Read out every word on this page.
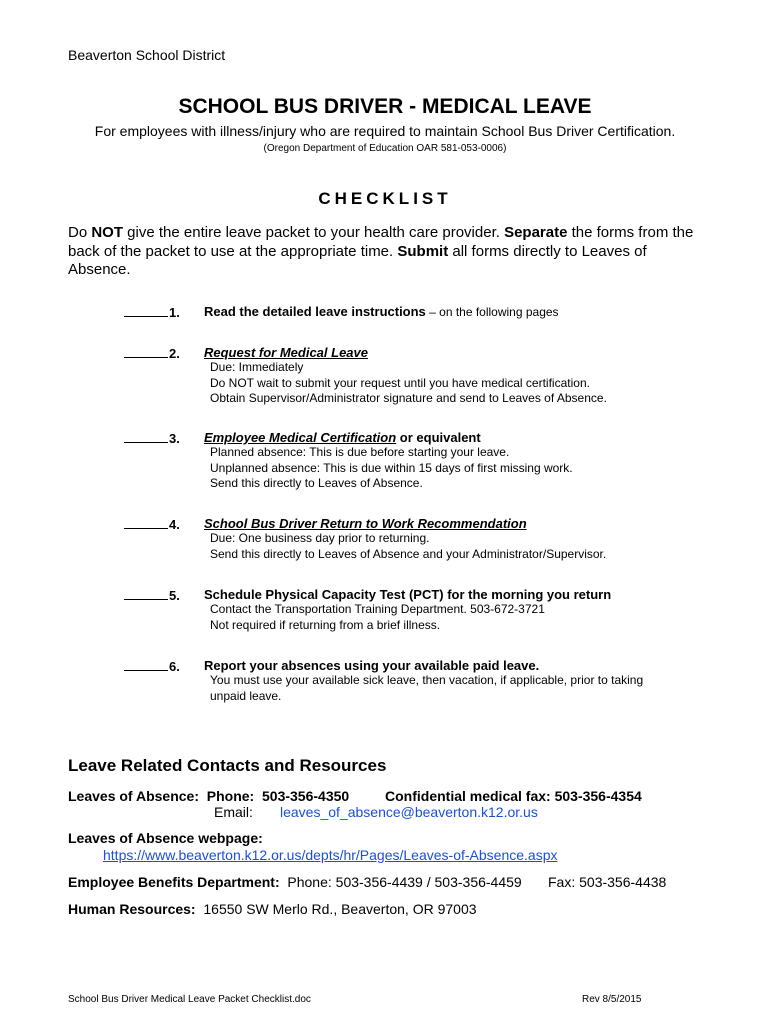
Beaverton School District
SCHOOL BUS DRIVER - MEDICAL LEAVE
For employees with illness/injury who are required to maintain School Bus Driver Certification.
(Oregon Department of Education OAR 581-053-0006)
CHECKLIST
Do NOT give the entire leave packet to your health care provider. Separate the forms from the back of the packet to use at the appropriate time. Submit all forms directly to Leaves of Absence.
1. Read the detailed leave instructions – on the following pages
2. Request for Medical Leave
Due: Immediately
Do NOT wait to submit your request until you have medical certification.
Obtain Supervisor/Administrator signature and send to Leaves of Absence.
3. Employee Medical Certification or equivalent
Planned absence: This is due before starting your leave.
Unplanned absence: This is due within 15 days of first missing work.
Send this directly to Leaves of Absence.
4. School Bus Driver Return to Work Recommendation
Due: One business day prior to returning.
Send this directly to Leaves of Absence and your Administrator/Supervisor.
5. Schedule Physical Capacity Test (PCT) for the morning you return
Contact the Transportation Training Department. 503-672-3721
Not required if returning from a brief illness.
6. Report your absences using your available paid leave.
You must use your available sick leave, then vacation, if applicable, prior to taking
unpaid leave.
Leave Related Contacts and Resources
Leaves of Absence: Phone: 503-356-4350	Confidential medical fax: 503-356-4354
Email: leaves_of_absence@beaverton.k12.or.us
Leaves of Absence webpage:
https://www.beaverton.k12.or.us/depts/hr/Pages/Leaves-of-Absence.aspx
Employee Benefits Department: Phone: 503-356-4439 / 503-356-4459 Fax: 503-356-4438
Human Resources: 16550 SW Merlo Rd., Beaverton, OR 97003
School Bus Driver Medical Leave Packet Checklist.doc	Rev 8/5/2015
